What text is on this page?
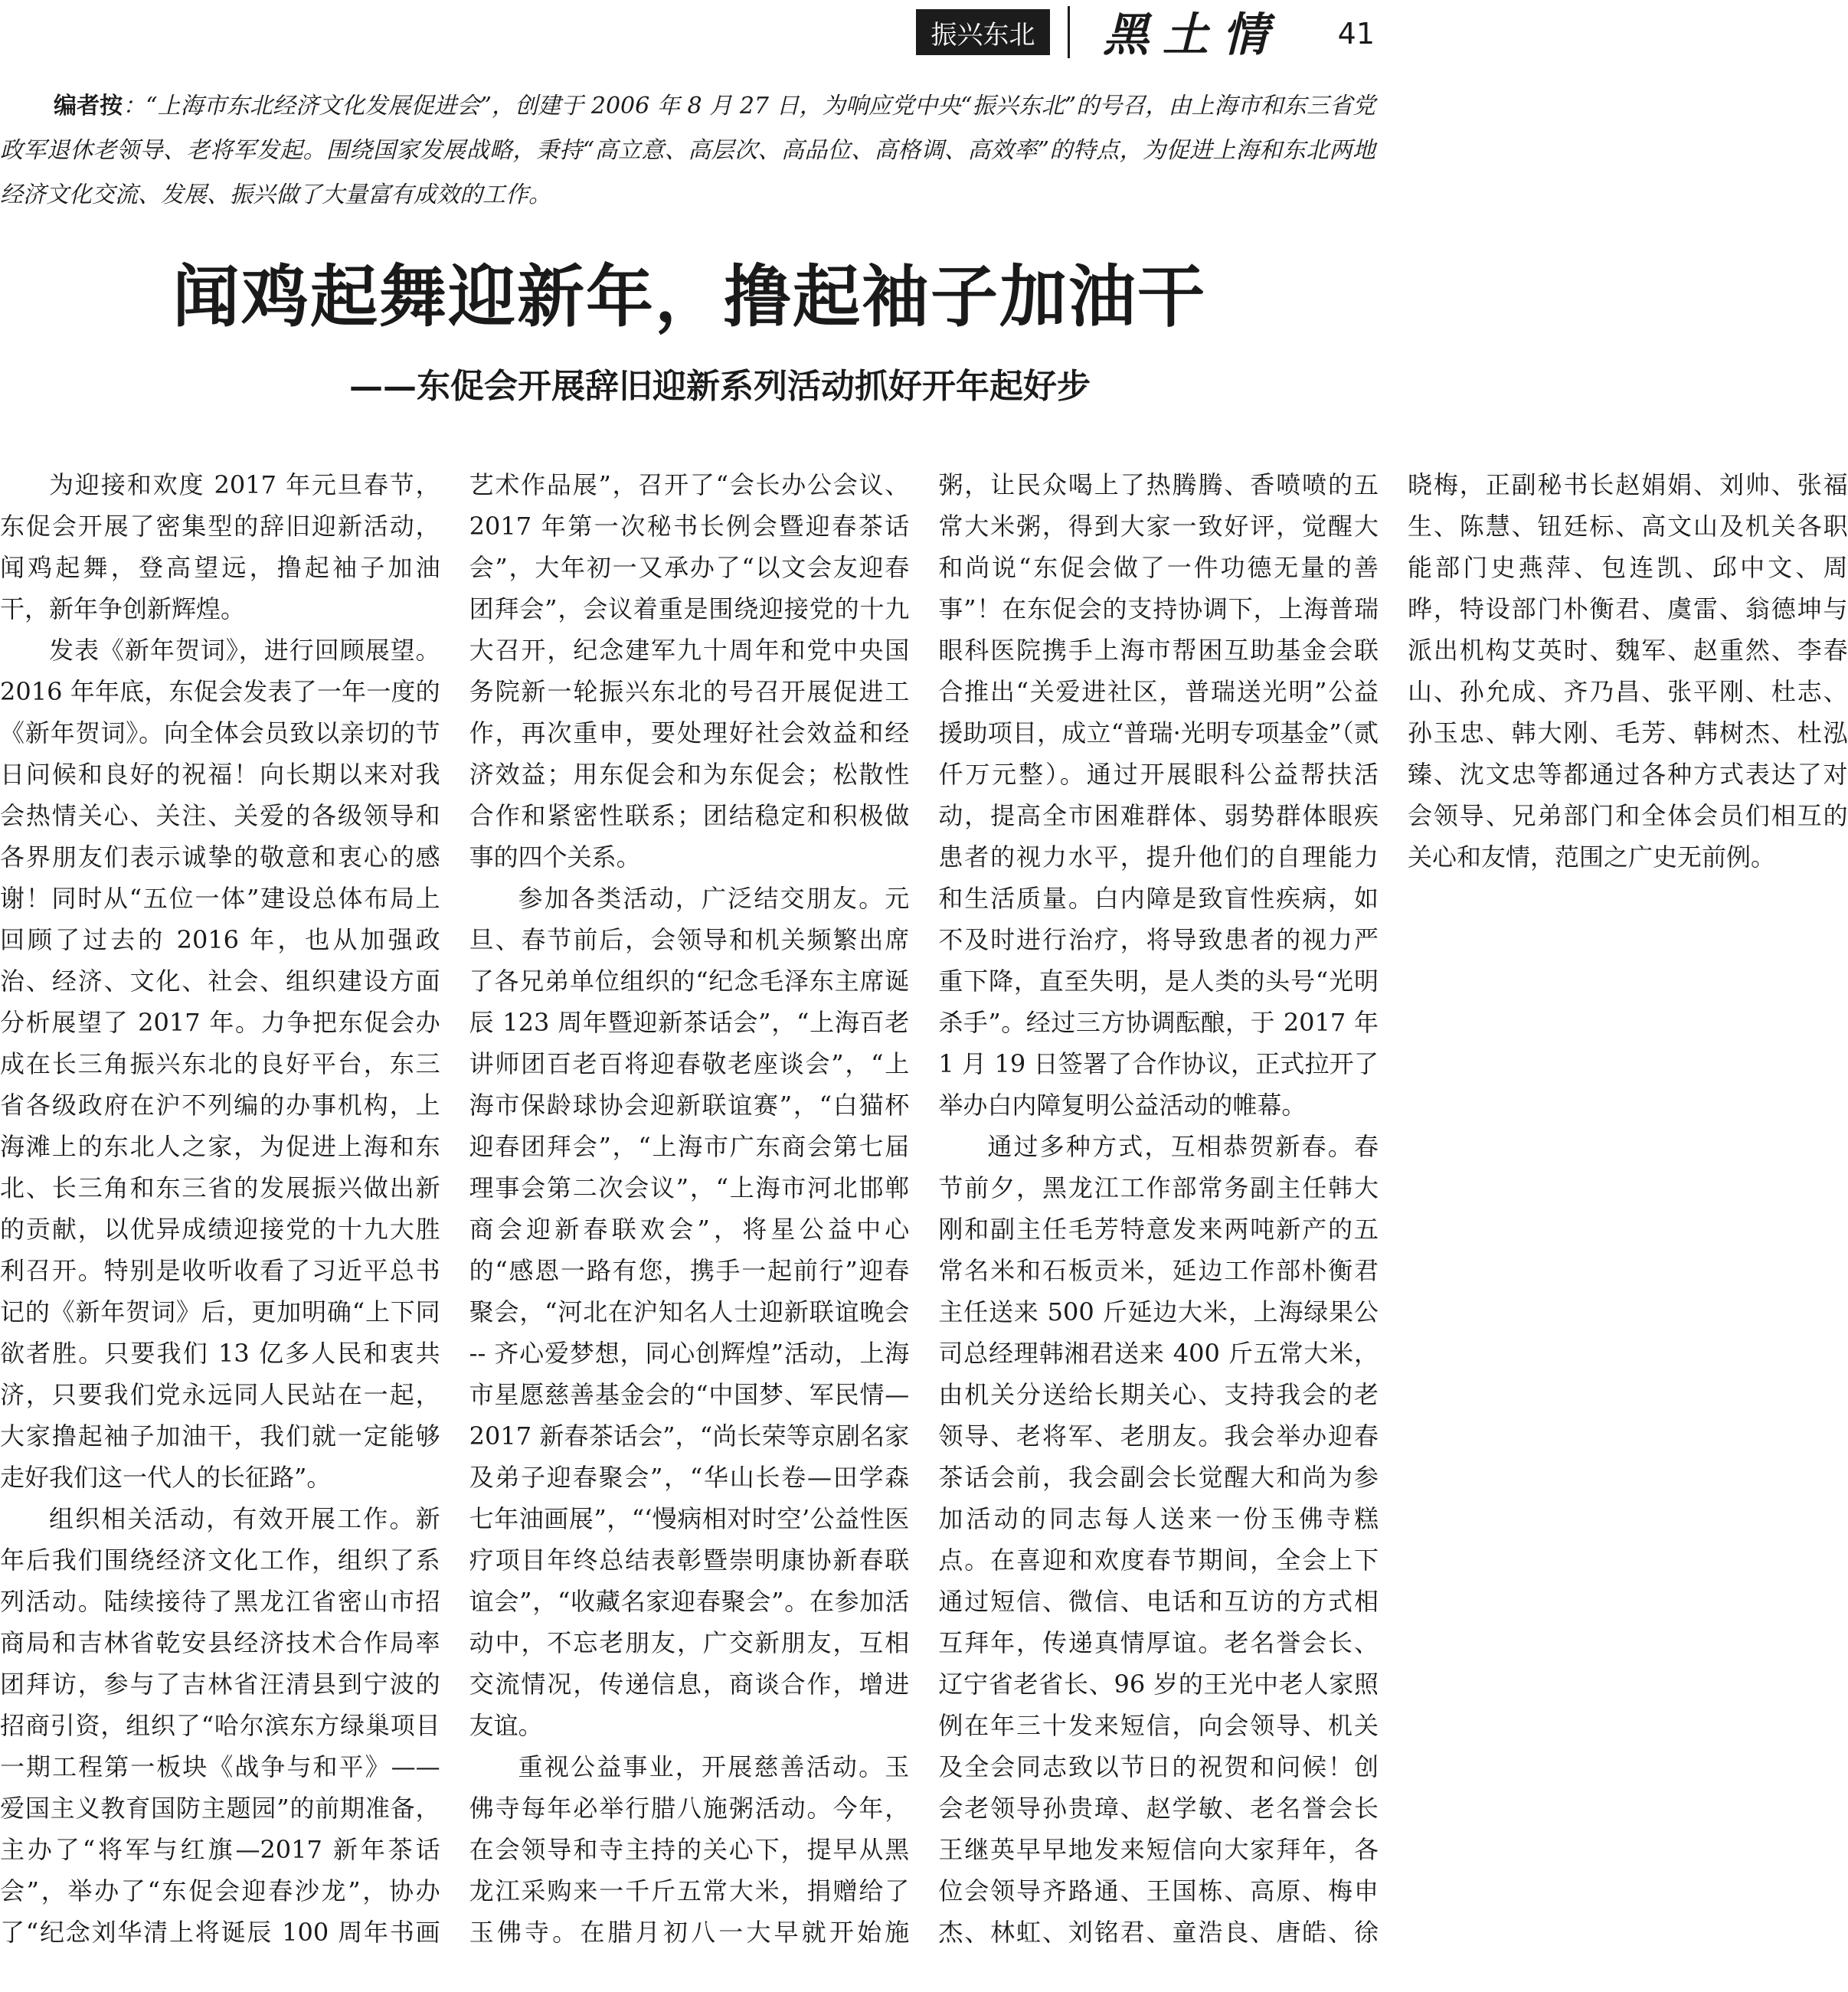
振兴东北	黑土情	41
编者按：“上海市东北经济文化发展促进会”，创建于 2006 年 8 月 27 日，为响应党中央“振兴东北”的号召，由上海市和东三省党政军退休老领导、老将军发起。围绕国家发展战略，秉持“高立意、高层次、高品位、高格调、高效率”的特点，为促进上海和东北两地经济文化交流、发展、振兴做了大量富有成效的工作。
闻鸡起舞迎新年，撸起袖子加油干
——东促会开展辞旧迎新系列活动抓好开年起好步

为迎接和欢度 2017 年元旦春节，东促会开展了密集型的辞旧迎新活动，闻鸡起舞，登高望远，撸起袖子加油干，新年争创新辉煌。

发表《新年贺词》，进行回顾展望。2016 年年底，东促会发表了一年一度的《新年贺词》。向全体会员致以亲切的节日问候和良好的祝福！向长期以来对我会热情关心、关注、关爱的各级领导和各界朋友们表示诚挚的敬意和衷心的感谢！同时从“五位一体”建设总体布局上回顾了过去的 2016 年，也从加强政治、经济、文化、社会、组织建设方面分析展望了 2017 年。力争把东促会办成在长三角振兴东北的良好平台，东三省各级政府在沪不列编的办事机构，上海滩上的东北人之家，为促进上海和东北、长三角和东三省的发展振兴做出新的贡献，以优异成绩迎接党的十九大胜利召开。特别是收听收看了习近平总书记的《新年贺词》后，更加明确“上下同欲者胜。只要我们 13 亿多人民和衷共济，只要我们党永远同人民站在一起，大家撸起袖子加油干，我们就一定能够走好我们这一代人的长征路”。

组织相关活动，有效开展工作。新年后我们围绕经济文化工作，组织了系列活动。陆续接待了黑龙江省密山市招商局和吉林省乾安县经济技术合作局率团拜访，参与了吉林省汪清县到宁波的招商引资，组织了“哈尔滨东方绿巢项目一期工程第一板块《战争与和平》——爱国主义教育国防主题园”的前期准备，主办了“将军与红旗—2017 新年茶话会”，举办了“东促会迎春沙龙”，协办了“纪念刘华清上将诞辰 100 周年书画艺术作品展”，召开了“会长办公会议、2017 年第一次秘书长例会暨迎春茶话会”，大年初一又承办了“以文会友迎春团拜会”，会议着重是围绕迎接党的十九大召开，纪念建军九十周年和党中央国务院新一轮振兴东北的号召开展促进工作，再次重申，要处理好社会效益和经济效益；用东促会和为东促会；松散性合作和紧密性联系；团结稳定和积极做事的四个关系。

参加各类活动，广泛结交朋友。元旦、春节前后，会领导和机关频繁出席了各兄弟单位组织的“纪念毛泽东主席诞辰 123 周年暨迎新茶话会”，“上海百老讲师团百老百将迎春敬老座谈会”，“上海市保龄球协会迎新联谊赛”，“白猫杯迎春团拜会”，“上海市广东商会第七届理事会第二次会议”，“上海市河北邯郸商会迎新春联欢会”，将星公益中心的“感恩一路有您，携手一起前行”迎春聚会，“河北在沪知名人士迎新联谊晚会 -- 齐心爱梦想，同心创辉煌”活动，上海市星愿慈善基金会的“中国梦、军民情—2017 新春茶话会”，“尚长荣等京剧名家及弟子迎春聚会”，“华山长卷—田学森七年油画展”，“‘慢病相对时空’公益性医疗项目年终总结表彰暨崇明康协新春联谊会”，“收藏名家迎春聚会”。在参加活动中，不忘老朋友，广交新朋友，互相交流情况，传递信息，商谈合作，增进友谊。

重视公益事业，开展慈善活动。玉佛寺每年必举行腊八施粥活动。今年，在会领导和寺主持的关心下，提早从黑龙江采购来一千斤五常大米，捐赠给了玉佛寺。在腊月初八一大早就开始施粥，让民众喝上了热腾腾、香喷喷的五常大米粥，得到大家一致好评，觉醒大和尚说“东促会做了一件功德无量的善事”！在东促会的支持协调下，上海普瑞眼科医院携手上海市帮困互助基金会联合推出“关爱进社区，普瑞送光明”公益援助项目，成立“普瑞·光明专项基金”（贰仟万元整）。通过开展眼科公益帮扶活动，提高全市困难群体、弱势群体眼疾患者的视力水平，提升他们的自理能力和生活质量。白内障是致盲性疾病，如不及时进行治疗，将导致患者的视力严重下降，直至失明，是人类的头号“光明杀手”。经过三方协调酝酿，于 2017 年 1 月 19 日签署了合作协议，正式拉开了举办白内障复明公益活动的帷幕。

通过多种方式，互相恭贺新春。春节前夕，黑龙江工作部常务副主任韩大刚和副主任毛芳特意发来两吨新产的五常名米和石板贡米，延边工作部朴衡君主任送来 500 斤延边大米，上海绿果公司总经理韩湘君送来 400 斤五常大米，由机关分送给长期关心、支持我会的老领导、老将军、老朋友。我会举办迎春茶话会前，我会副会长觉醒大和尚为参加活动的同志每人送来一份玉佛寺糕点。在喜迎和欢度春节期间，全会上下通过短信、微信、电话和互访的方式相互拜年，传递真情厚谊。老名誉会长、辽宁省老省长、96 岁的王光中老人家照例在年三十发来短信，向会领导、机关及全会同志致以节日的祝贺和问候！创会老领导孙贵璋、赵学敏、老名誉会长王继英早早地发来短信向大家拜年，各位会领导齐路通、王国栋、高原、梅申杰、林虹、刘铭君、童浩良、唐皓、徐晓梅，正副秘书长赵娟娟、刘帅、张福生、陈慧、钮廷标、高文山及机关各职能部门史燕萍、包连凯、邱中文、周晔，特设部门朴衡君、虞雷、翁德坤与派出机构艾英时、魏军、赵重然、李春山、孙允成、齐乃昌、张平刚、杜志、孙玉忠、韩大刚、毛芳、韩树杰、杜泓臻、沈文忠等都通过各种方式表达了对会领导、兄弟部门和全体会员们相互的关心和友情，范围之广史无前例。
